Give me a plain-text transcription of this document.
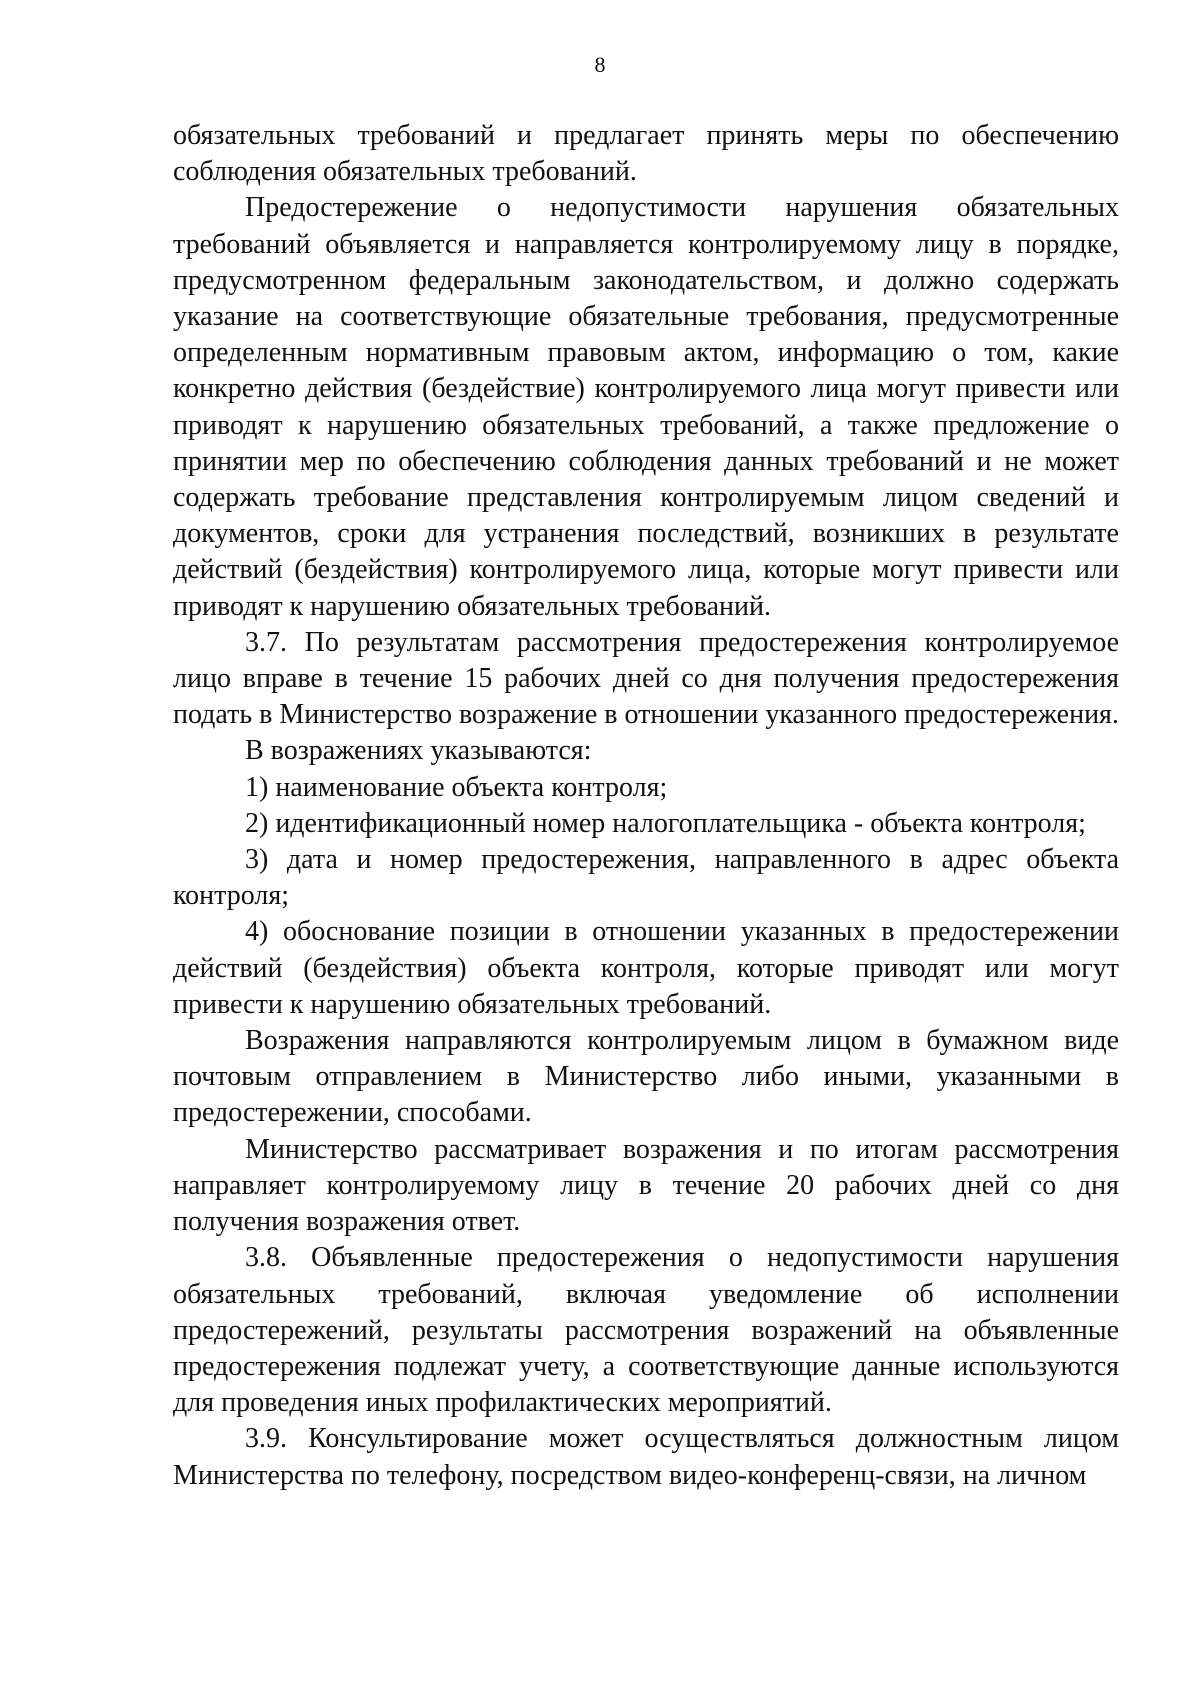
8

обязательных требований и предлагает принять меры по обеспечению соблюдения обязательных требований.

Предостережение о недопустимости нарушения обязательных требований объявляется и направляется контролируемому лицу в порядке, предусмотренном федеральным законодательством, и должно содержать указание на соответствующие обязательные требования, предусмотренные определенным нормативным правовым актом, информацию о том, какие конкретно действия (бездействие) контролируемого лица могут привести или приводят к нарушению обязательных требований, а также предложение о принятии мер по обеспечению соблюдения данных требований и не может содержать требование представления контролируемым лицом сведений и документов, сроки для устранения последствий, возникших в результате действий (бездействия) контролируемого лица, которые могут привести или приводят к нарушению обязательных требований.

3.7. По результатам рассмотрения предостережения контролируемое лицо вправе в течение 15 рабочих дней со дня получения предостережения подать в Министерство возражение в отношении указанного предостережения.

В возражениях указываются:

1) наименование объекта контроля;

2) идентификационный номер налогоплательщика - объекта контроля;

3) дата и номер предостережения, направленного в адрес объекта контроля;

4) обоснование позиции в отношении указанных в предостережении действий (бездействия) объекта контроля, которые приводят или могут привести к нарушению обязательных требований.

Возражения направляются контролируемым лицом в бумажном виде почтовым отправлением в Министерство либо иными, указанными в предостережении, способами.

Министерство рассматривает возражения и по итогам рассмотрения направляет контролируемому лицу в течение 20 рабочих дней со дня получения возражения ответ.

3.8. Объявленные предостережения о недопустимости нарушения обязательных требований, включая уведомление об исполнении предостережений, результаты рассмотрения возражений на объявленные предостережения подлежат учету, а соответствующие данные используются для проведения иных профилактических мероприятий.

3.9. Консультирование может осуществляться должностным лицом Министерства по телефону, посредством видео-конференц-связи, на личном
